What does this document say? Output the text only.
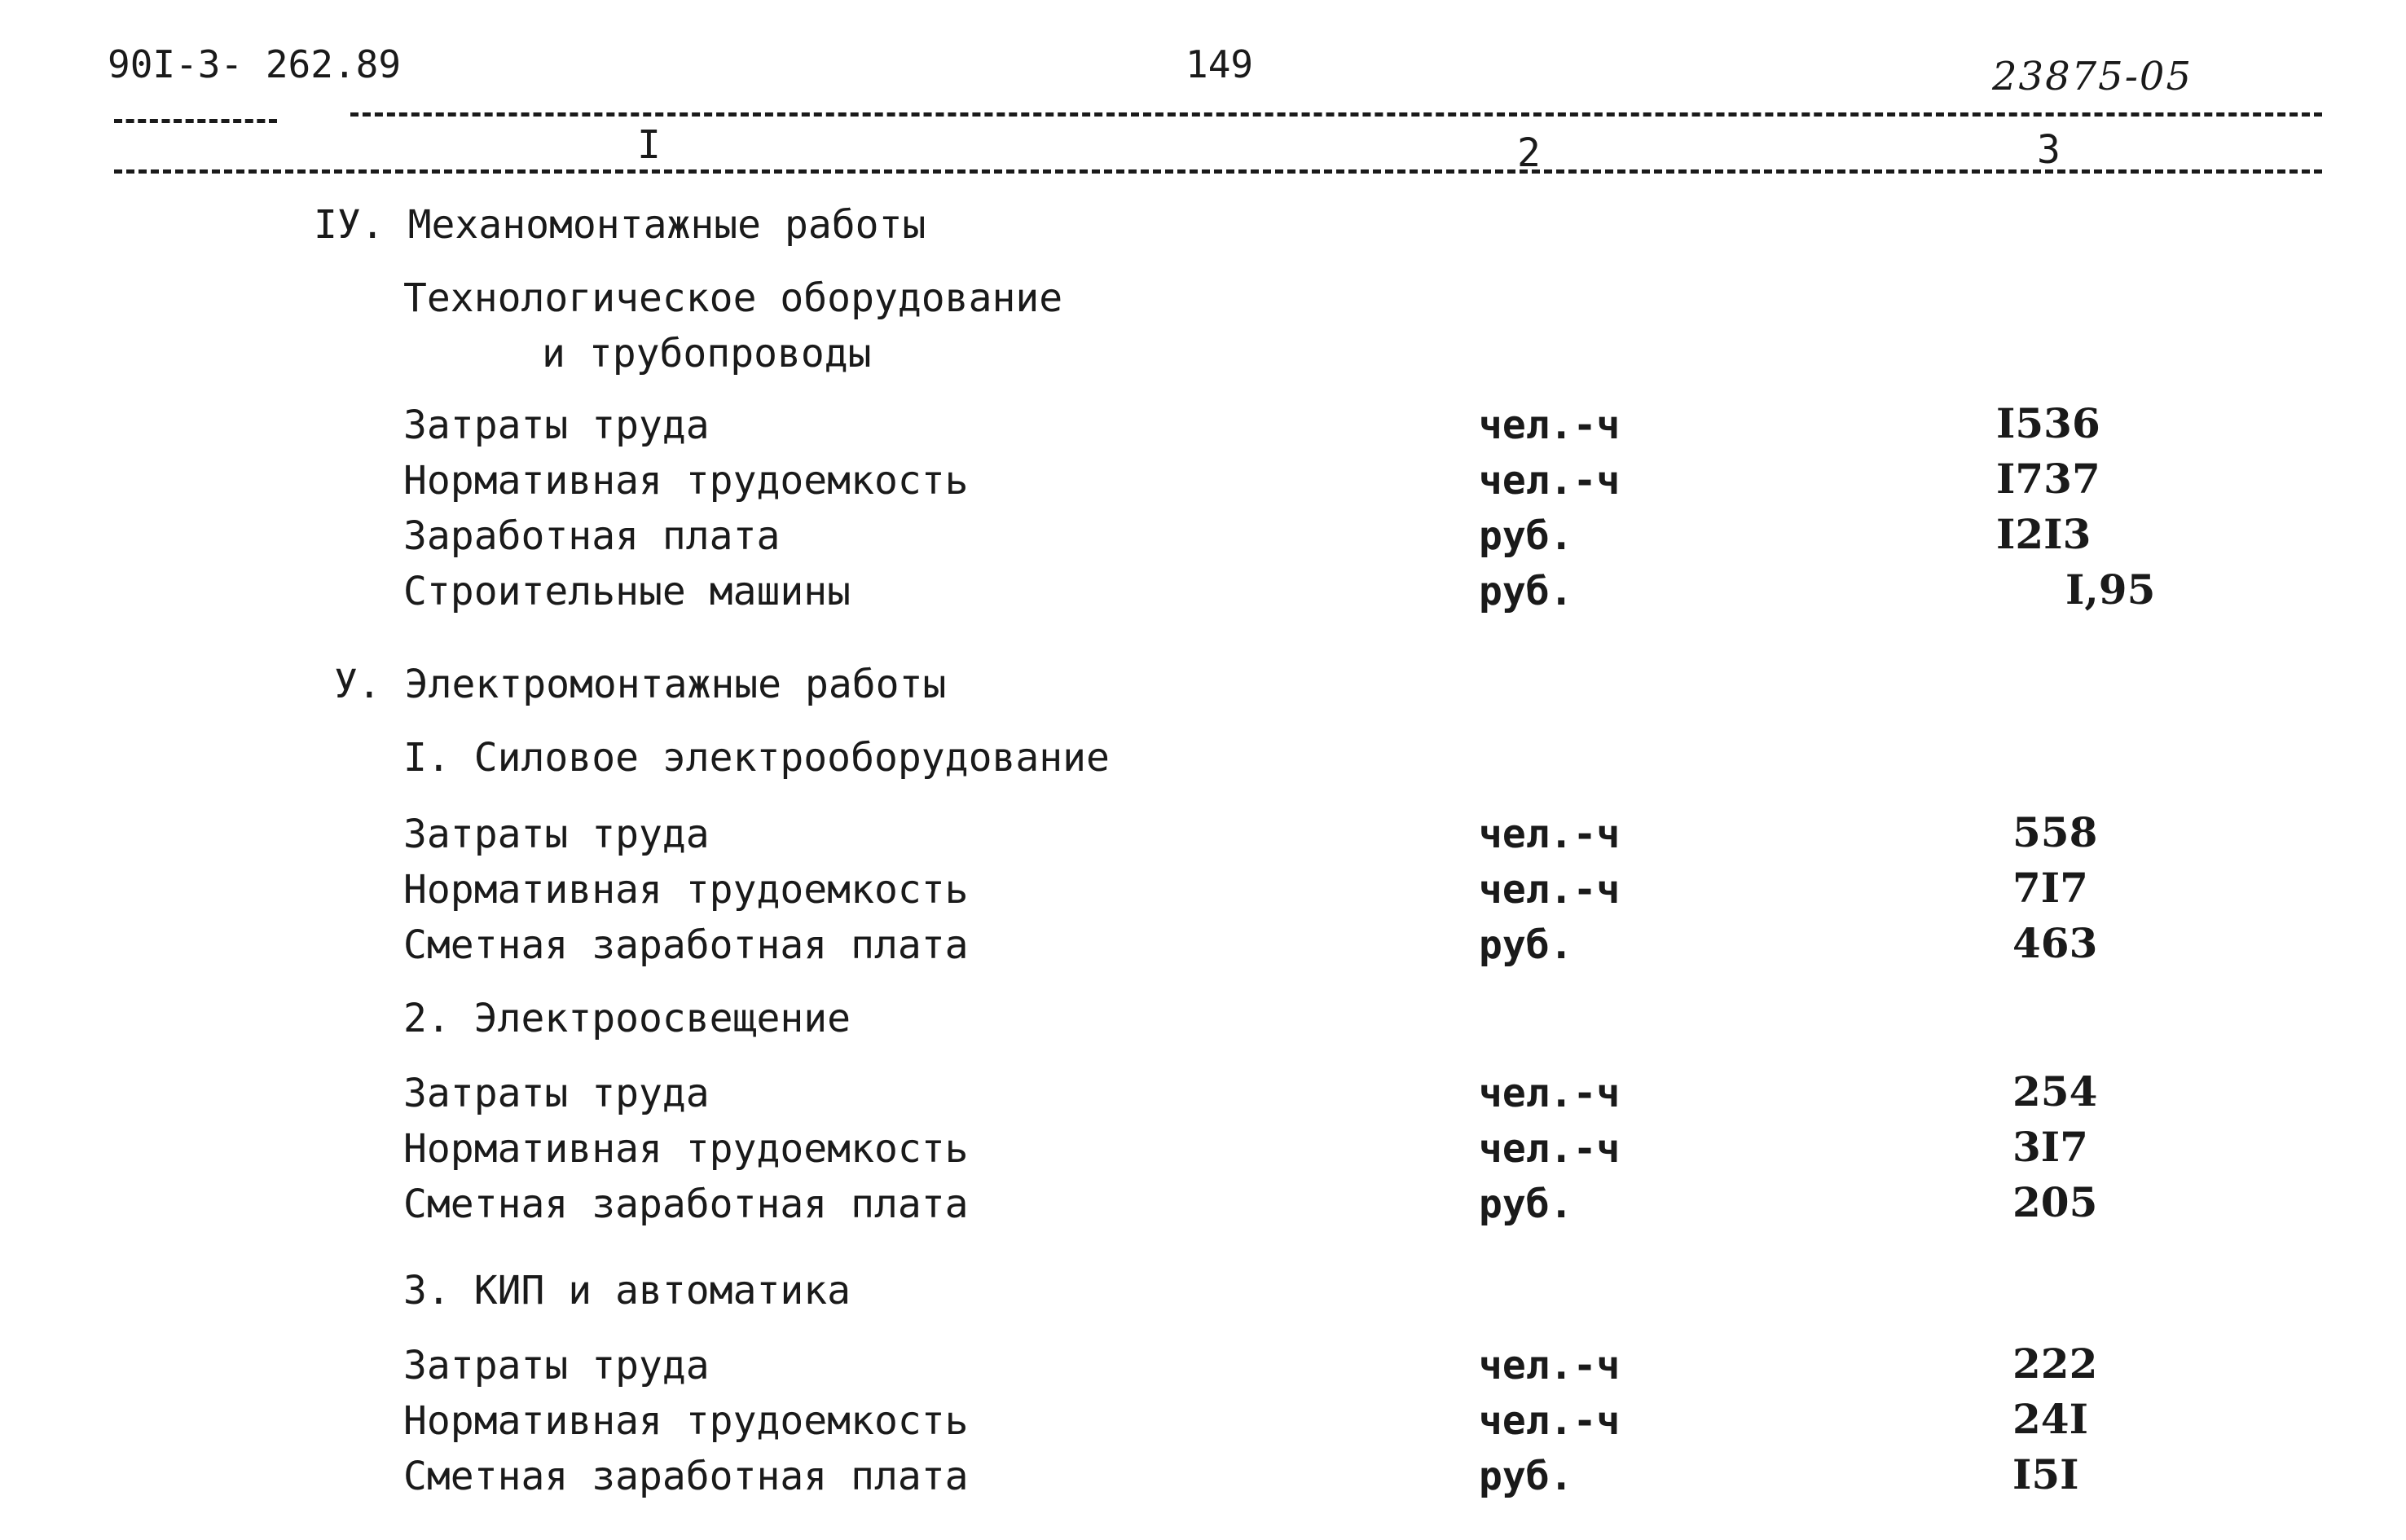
90I-3- 262.89	149	23875-05
I	2	3
IУ. Механомонтажные работы
Технологическое оборудование
и трубопроводы
Затраты труда	чел.-ч	I536
Нормативная трудоемкость	чел.-ч	I737
Заработная плата	руб.	I2I3
Строительные машины	руб.	I,95
У. Электромонтажные работы
I. Силовое электрооборудование
Затраты труда	чел.-ч	558
Нормативная трудоемкость	чел.-ч	7I7
Сметная заработная плата	руб.	463
2. Электроосвещение
Затраты труда	чел.-ч	254
Нормативная трудоемкость	чел.-ч	3I7
Сметная заработная плата	руб.	205
3. КИП и автоматика
Затраты труда	чел.-ч	222
Нормативная трудоемкость	чел.-ч	24I
Сметная заработная плата	руб.	I5I
